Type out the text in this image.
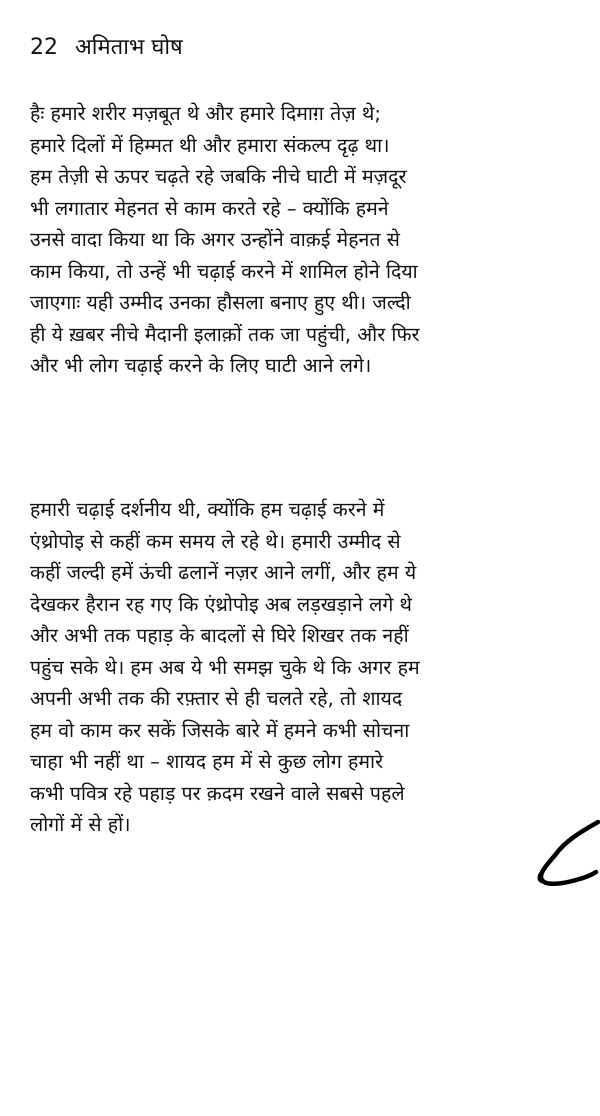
22 अमिताभ घोष
हैः हमारे शरीर मज़बूत थे और हमारे दिमाग़ तेज़ थे;
हमारे दिलों में हिम्मत थी और हमारा संकल्प दृढ़ था।
हम तेज़ी से ऊपर चढ़ते रहे जबकि नीचे घाटी में मज़दूर
भी लगातार मेहनत से काम करते रहे – क्योंकि हमने
उनसे वादा किया था कि अगर उन्होंने वाक़ई मेहनत से
काम किया, तो उन्हें भी चढ़ाई करने में शामिल होने दिया
जाएगाः यही उम्मीद उनका हौसला बनाए हुए थी। जल्दी
ही ये ख़बर नीचे मैदानी इलाक़ों तक जा पहुंची, और फिर
और भी लोग चढ़ाई करने के लिए घाटी आने लगे।
हमारी चढ़ाई दर्शनीय थी, क्योंकि हम चढ़ाई करने में
एंथ्रोपोइ से कहीं कम समय ले रहे थे। हमारी उम्मीद से
कहीं जल्दी हमें ऊंची ढलानें नज़र आने लगीं, और हम ये
देखकर हैरान रह गए कि एंथ्रोपोइ अब लड़खड़ाने लगे थे
और अभी तक पहाड़ के बादलों से घिरे शिखर तक नहीं
पहुंच सके थे। हम अब ये भी समझ चुके थे कि अगर हम
अपनी अभी तक की रफ़्तार से ही चलते रहे, तो शायद
हम वो काम कर सकें जिसके बारे में हमने कभी सोचना
चाहा भी नहीं था – शायद हम में से कुछ लोग हमारे
कभी पवित्र रहे पहाड़ पर क़दम रखने वाले सबसे पहले
लोगों में से हों।
